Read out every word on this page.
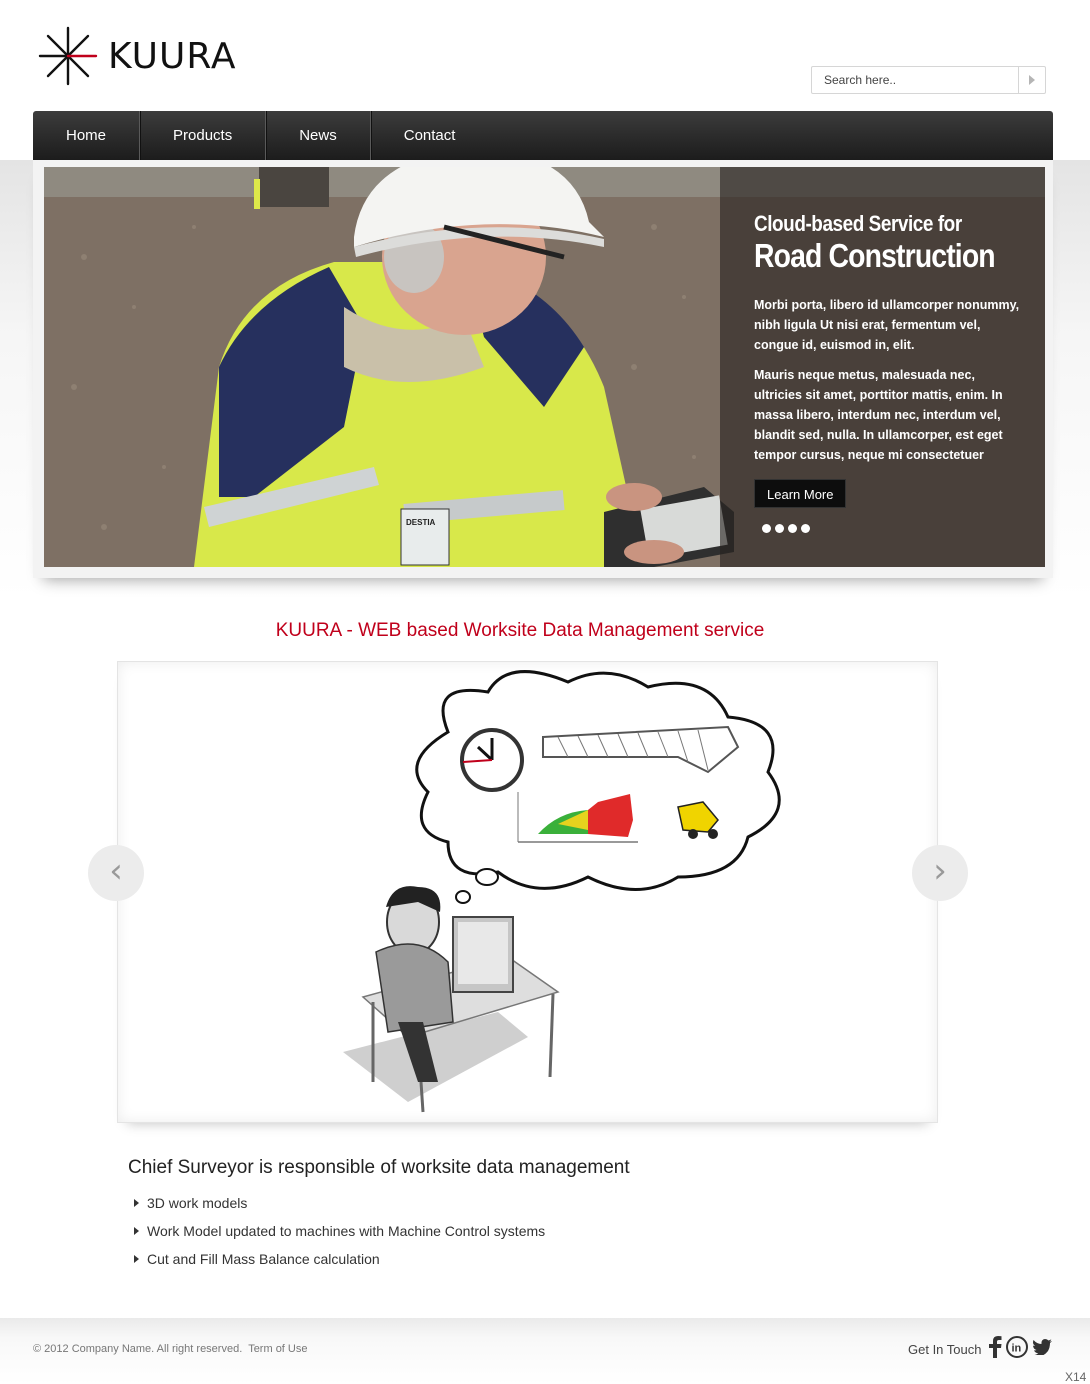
KUURA
Search here..
Home	Products	News	Contact
DESTIA
Cloud-based Service for
Road Construction

Morbi porta, libero id ullamcorper nonummy, nibh ligula Ut nisi erat, fermentum vel, congue id, euismod in, elit.

Mauris neque metus, malesuada nec, ultricies sit amet, porttitor mattis, enim. In massa libero, interdum nec, interdum vel, blandit sed, nulla. In ullamcorper, est eget tempor cursus, neque mi consectetuer

Learn More
KUURA - WEB based Worksite Data Management service
‹	›
Chief Surveyor is responsible of worksite data management
3D work models
Work Model updated to machines with Machine Control systems
Cut and Fill Mass Balance calculation
© 2012 Company Name. All right reserved. Term of Use	Get In Touch	in
X14
